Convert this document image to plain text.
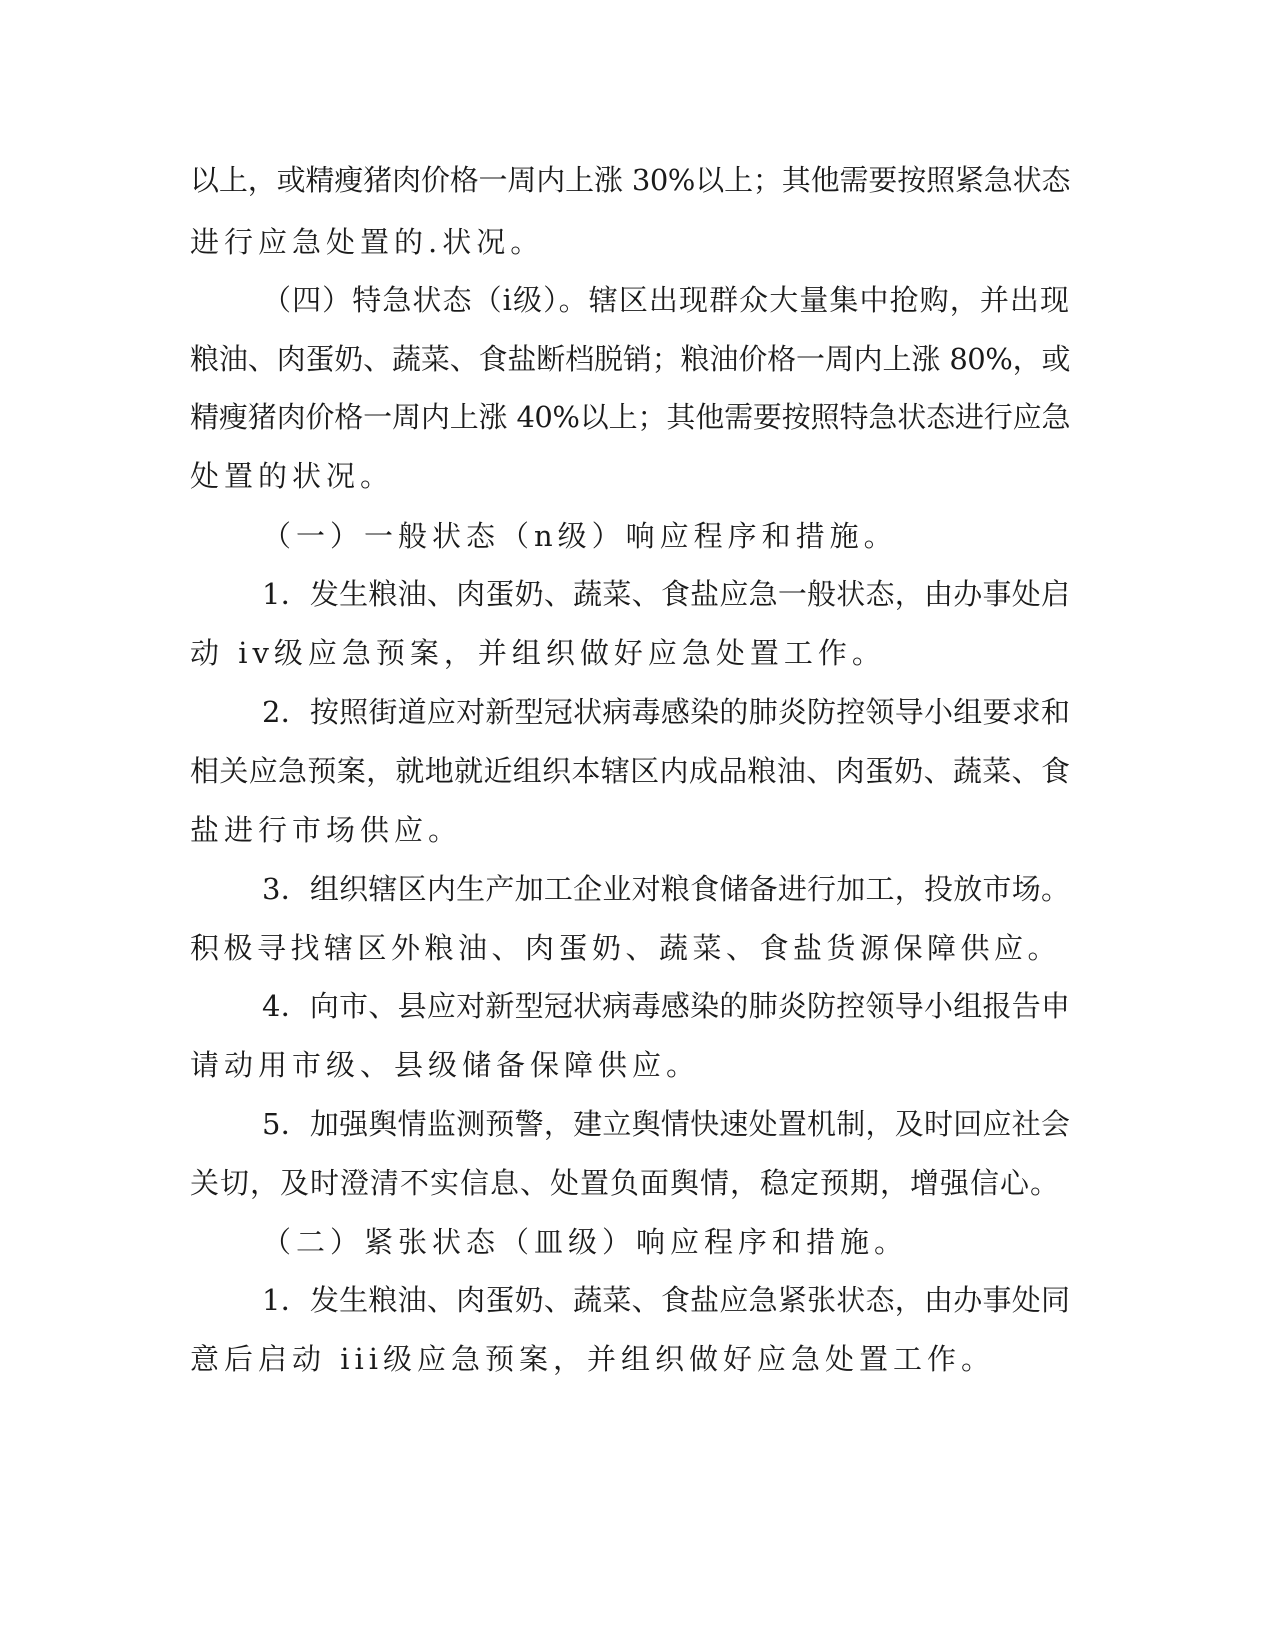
以上，或精瘦猪肉价格一周内上涨 30%以上；其他需要按照紧急状态
进行应急处置的.状况。
（四）特急状态（i级）。辖区出现群众大量集中抢购，并出现
粮油、肉蛋奶、蔬菜、食盐断档脱销；粮油价格一周内上涨 80%，或
精瘦猪肉价格一周内上涨 40%以上；其他需要按照特急状态进行应急
处置的状况。
（一）一般状态（n级）响应程序和措施。
1．发生粮油、肉蛋奶、蔬菜、食盐应急一般状态，由办事处启
动 iv级应急预案，并组织做好应急处置工作。
2．按照街道应对新型冠状病毒感染的肺炎防控领导小组要求和
相关应急预案，就地就近组织本辖区内成品粮油、肉蛋奶、蔬菜、食
盐进行市场供应。
3．组织辖区内生产加工企业对粮食储备进行加工，投放市场。
积极寻找辖区外粮油、肉蛋奶、蔬菜、食盐货源保障供应。
4．向市、县应对新型冠状病毒感染的肺炎防控领导小组报告申
请动用市级、县级储备保障供应。
5．加强舆情监测预警，建立舆情快速处置机制，及时回应社会
关切，及时澄清不实信息、处置负面舆情，稳定预期，增强信心。
（二）紧张状态（皿级）响应程序和措施。
1．发生粮油、肉蛋奶、蔬菜、食盐应急紧张状态，由办事处同
意后启动 iii级应急预案，并组织做好应急处置工作。
